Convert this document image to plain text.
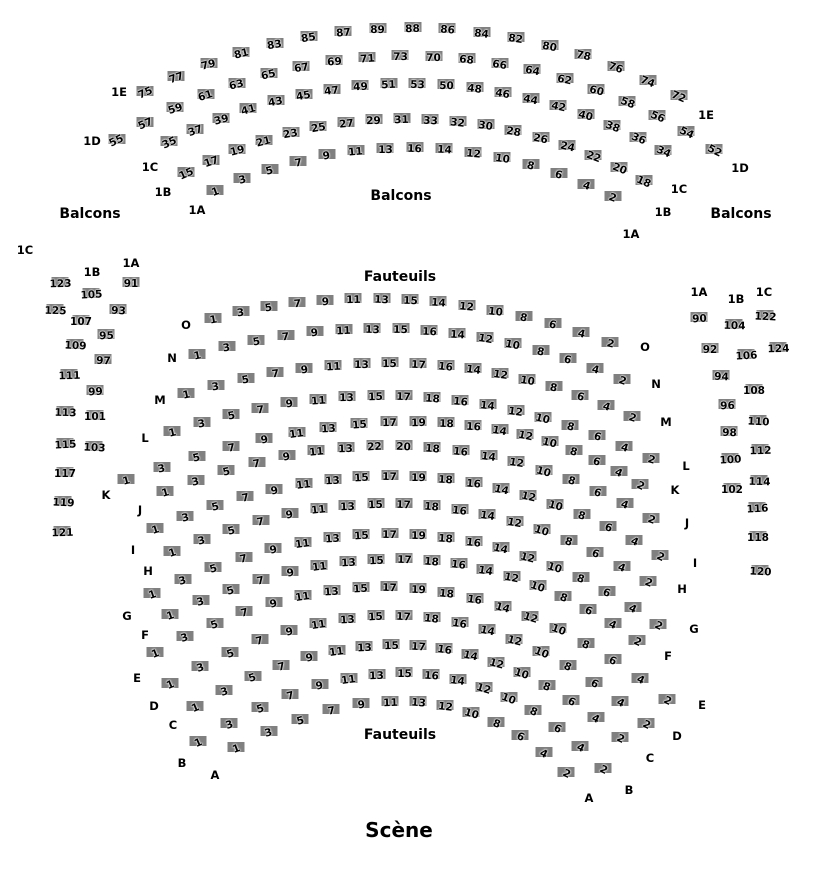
Balcons
Balcons
Balcons
Fauteuils
Fauteuils
Scène
1
3
5
7 9 11 13 16 14 12 10
8
6
4
2
1A
1A
15
17
19
21 23 25 27 29 31 33 32 30 28 26
24
22
20
18
1B
1B
35
37
39
41
43 45 47 49 51 53 50 48 46 44
42
40
38
36
34
1C
1C
55
57
59
61
63
65 67 69 71 73 70 68 66 64
62
60
58
56
54
52
1D
1D
75
77
79
81
83 85 87 89 88 86 84 82
80
78
76
74
72
1E
1E
1 3 5 7 9 11 13 15 14 12 10 8
6
4
2
O
O
1
3 5 7 9 11 13 15 16 14 12 10 8
6
4
2
N
N
1
3
5 7 9 11 13 15 17 16 14 12 10
8
6
4
2
M
M
1
3
5 7 9 11 13 15 17 18 16 14 12 10
8
6
4
2
L
L
1
3
5
7
9 11 13 15 17 19 18 16 14 12 10
8
6
4
2
K	K
1
3
5
7 9 11 13 22 20 18 16 14 12
10
8
6
4
2
J
J
1
3
5
7
9 11 13 15 17 19 18 16 14 12
10
8
6
4
2
I
I
1
3
5
7
9 11 13 15 17 18 16 14 12
10
8
6
4
2
H
H
1
3
5
7
9 11 13 15 17 19 18 16 14
12
10
8
6
4
2
G
G
1
3
5
7
9 11 13 15 17 18 16 14 12
10
8
6
4
2
F
F
1
3
5
7
9
11 13 15 17 19 18 16
14
12
10
8
6
4
2
E
E
1
3
5
7
9
11 13 15 17 18 16 14
12
10
8
6
4
2
D
D
1
3
5
7
9 11 13 15 17 16 14
12
10
8
6
4
2
C
C
1
3
5
7
9 11 13 15 16 14 12
10
8
6
4
2
B
B
1
3
5
7 9 11 13 12 10
8
6
4
2
A
A
123
125
1C
105
107
109
111
113
115
117
119
121
1B
91
93
95
97
99
101
103
1A
90
92
94
96
98
100
102
1A
104
106
108
110
112
114
116
118
120
1B
122
124
1C
